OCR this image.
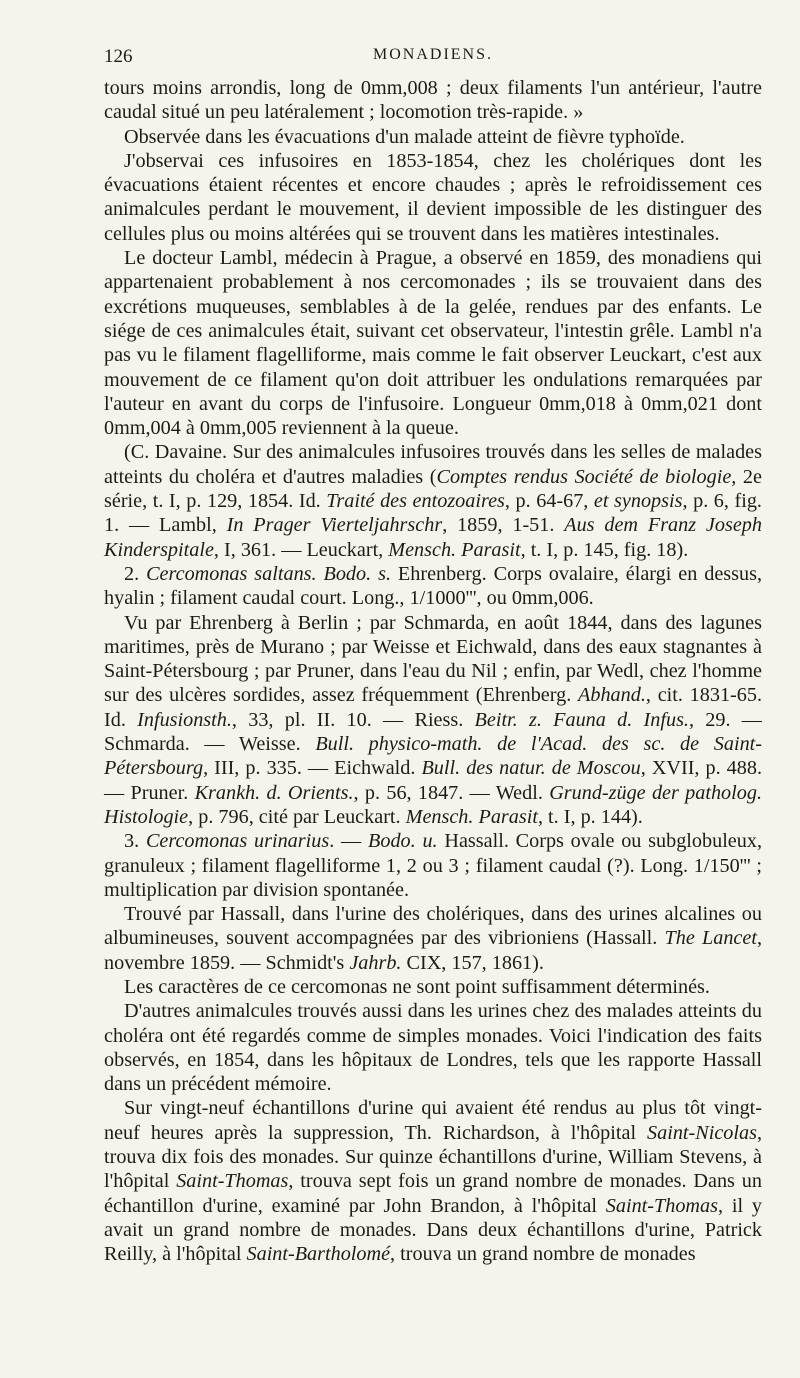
126	MONADIENS.

tours moins arrondis, long de 0mm,008 ; deux filaments l'un antérieur, l'autre caudal situé un peu latéralement ; locomotion très-rapide. »

Observée dans les évacuations d'un malade atteint de fièvre typhoïde.

J'observai ces infusoires en 1853-1854, chez les cholériques dont les évacuations étaient récentes et encore chaudes ; après le refroidissement ces animalcules perdant le mouvement, il devient impossible de les distinguer des cellules plus ou moins altérées qui se trouvent dans les matières intestinales.

Le docteur Lambl, médecin à Prague, a observé en 1859, des monadiens qui appartenaient probablement à nos cercomonades ; ils se trouvaient dans des excrétions muqueuses, semblables à de la gelée, rendues par des enfants. Le siége de ces animalcules était, suivant cet observateur, l'intestin grêle. Lambl n'a pas vu le filament flagelliforme, mais comme le fait observer Leuckart, c'est aux mouvement de ce filament qu'on doit attribuer les ondulations remarquées par l'auteur en avant du corps de l'infusoire. Longueur 0mm,018 à 0mm,021 dont 0mm,004 à 0mm,005 reviennent à la queue.

(C. Davaine. Sur des animalcules infusoires trouvés dans les selles de malades atteints du choléra et d'autres maladies (Comptes rendus Société de biologie, 2e série, t. I, p. 129, 1854. Id. Traité des entozoaires, p. 64-67, et synopsis, p. 6, fig. 1. — Lambl, In Prager Vierteljahrschr, 1859, 1-51. Aus dem Franz Joseph Kinderspitale, I, 361. — Leuckart, Mensch. Parasit, t. I, p. 145, fig. 18).

2. Cercomonas saltans. Bodo. s. Ehrenberg. Corps ovalaire, élargi en dessus, hyalin ; filament caudal court. Long., 1/1000''', ou 0mm,006.

Vu par Ehrenberg à Berlin ; par Schmarda, en août 1844, dans des lagunes maritimes, près de Murano ; par Weisse et Eichwald, dans des eaux stagnantes à Saint-Pétersbourg ; par Pruner, dans l'eau du Nil ; enfin, par Wedl, chez l'homme sur des ulcères sordides, assez fréquemment (Ehrenberg. Abhand., cit. 1831-65. Id. Infusionsth., 33, pl. II. 10. — Riess. Beitr. z. Fauna d. Infus., 29. — Schmarda. — Weisse. Bull. physico-math. de l'Acad. des sc. de Saint-Pétersbourg, III, p. 335. — Eichwald. Bull. des natur. de Moscou, XVII, p. 488. — Pruner. Krankh. d. Orients., p. 56, 1847. — Wedl. Grund-züge der patholog. Histologie, p. 796, cité par Leuckart. Mensch. Parasit, t. I, p. 144).

3. Cercomonas urinarius. — Bodo. u. Hassall. Corps ovale ou subglobuleux, granuleux ; filament flagelliforme 1, 2 ou 3 ; filament caudal (?). Long. 1/150''' ; multiplication par division spontanée.

Trouvé par Hassall, dans l'urine des cholériques, dans des urines alcalines ou albumineuses, souvent accompagnées par des vibrioniens (Hassall. The Lancet, novembre 1859. — Schmidt's Jahrb. CIX, 157, 1861).

Les caractères de ce cercomonas ne sont point suffisamment déterminés.

D'autres animalcules trouvés aussi dans les urines chez des malades atteints du choléra ont été regardés comme de simples monades. Voici l'indication des faits observés, en 1854, dans les hôpitaux de Londres, tels que les rapporte Hassall dans un précédent mémoire.

Sur vingt-neuf échantillons d'urine qui avaient été rendus au plus tôt vingt-neuf heures après la suppression, Th. Richardson, à l'hôpital Saint-Nicolas, trouva dix fois des monades. Sur quinze échantillons d'urine, William Stevens, à l'hôpital Saint-Thomas, trouva sept fois un grand nombre de monades. Dans un échantillon d'urine, examiné par John Brandon, à l'hôpital Saint-Thomas, il y avait un grand nombre de monades. Dans deux échantillons d'urine, Patrick Reilly, à l'hôpital Saint-Bartholomé, trouva un grand nombre de monades
